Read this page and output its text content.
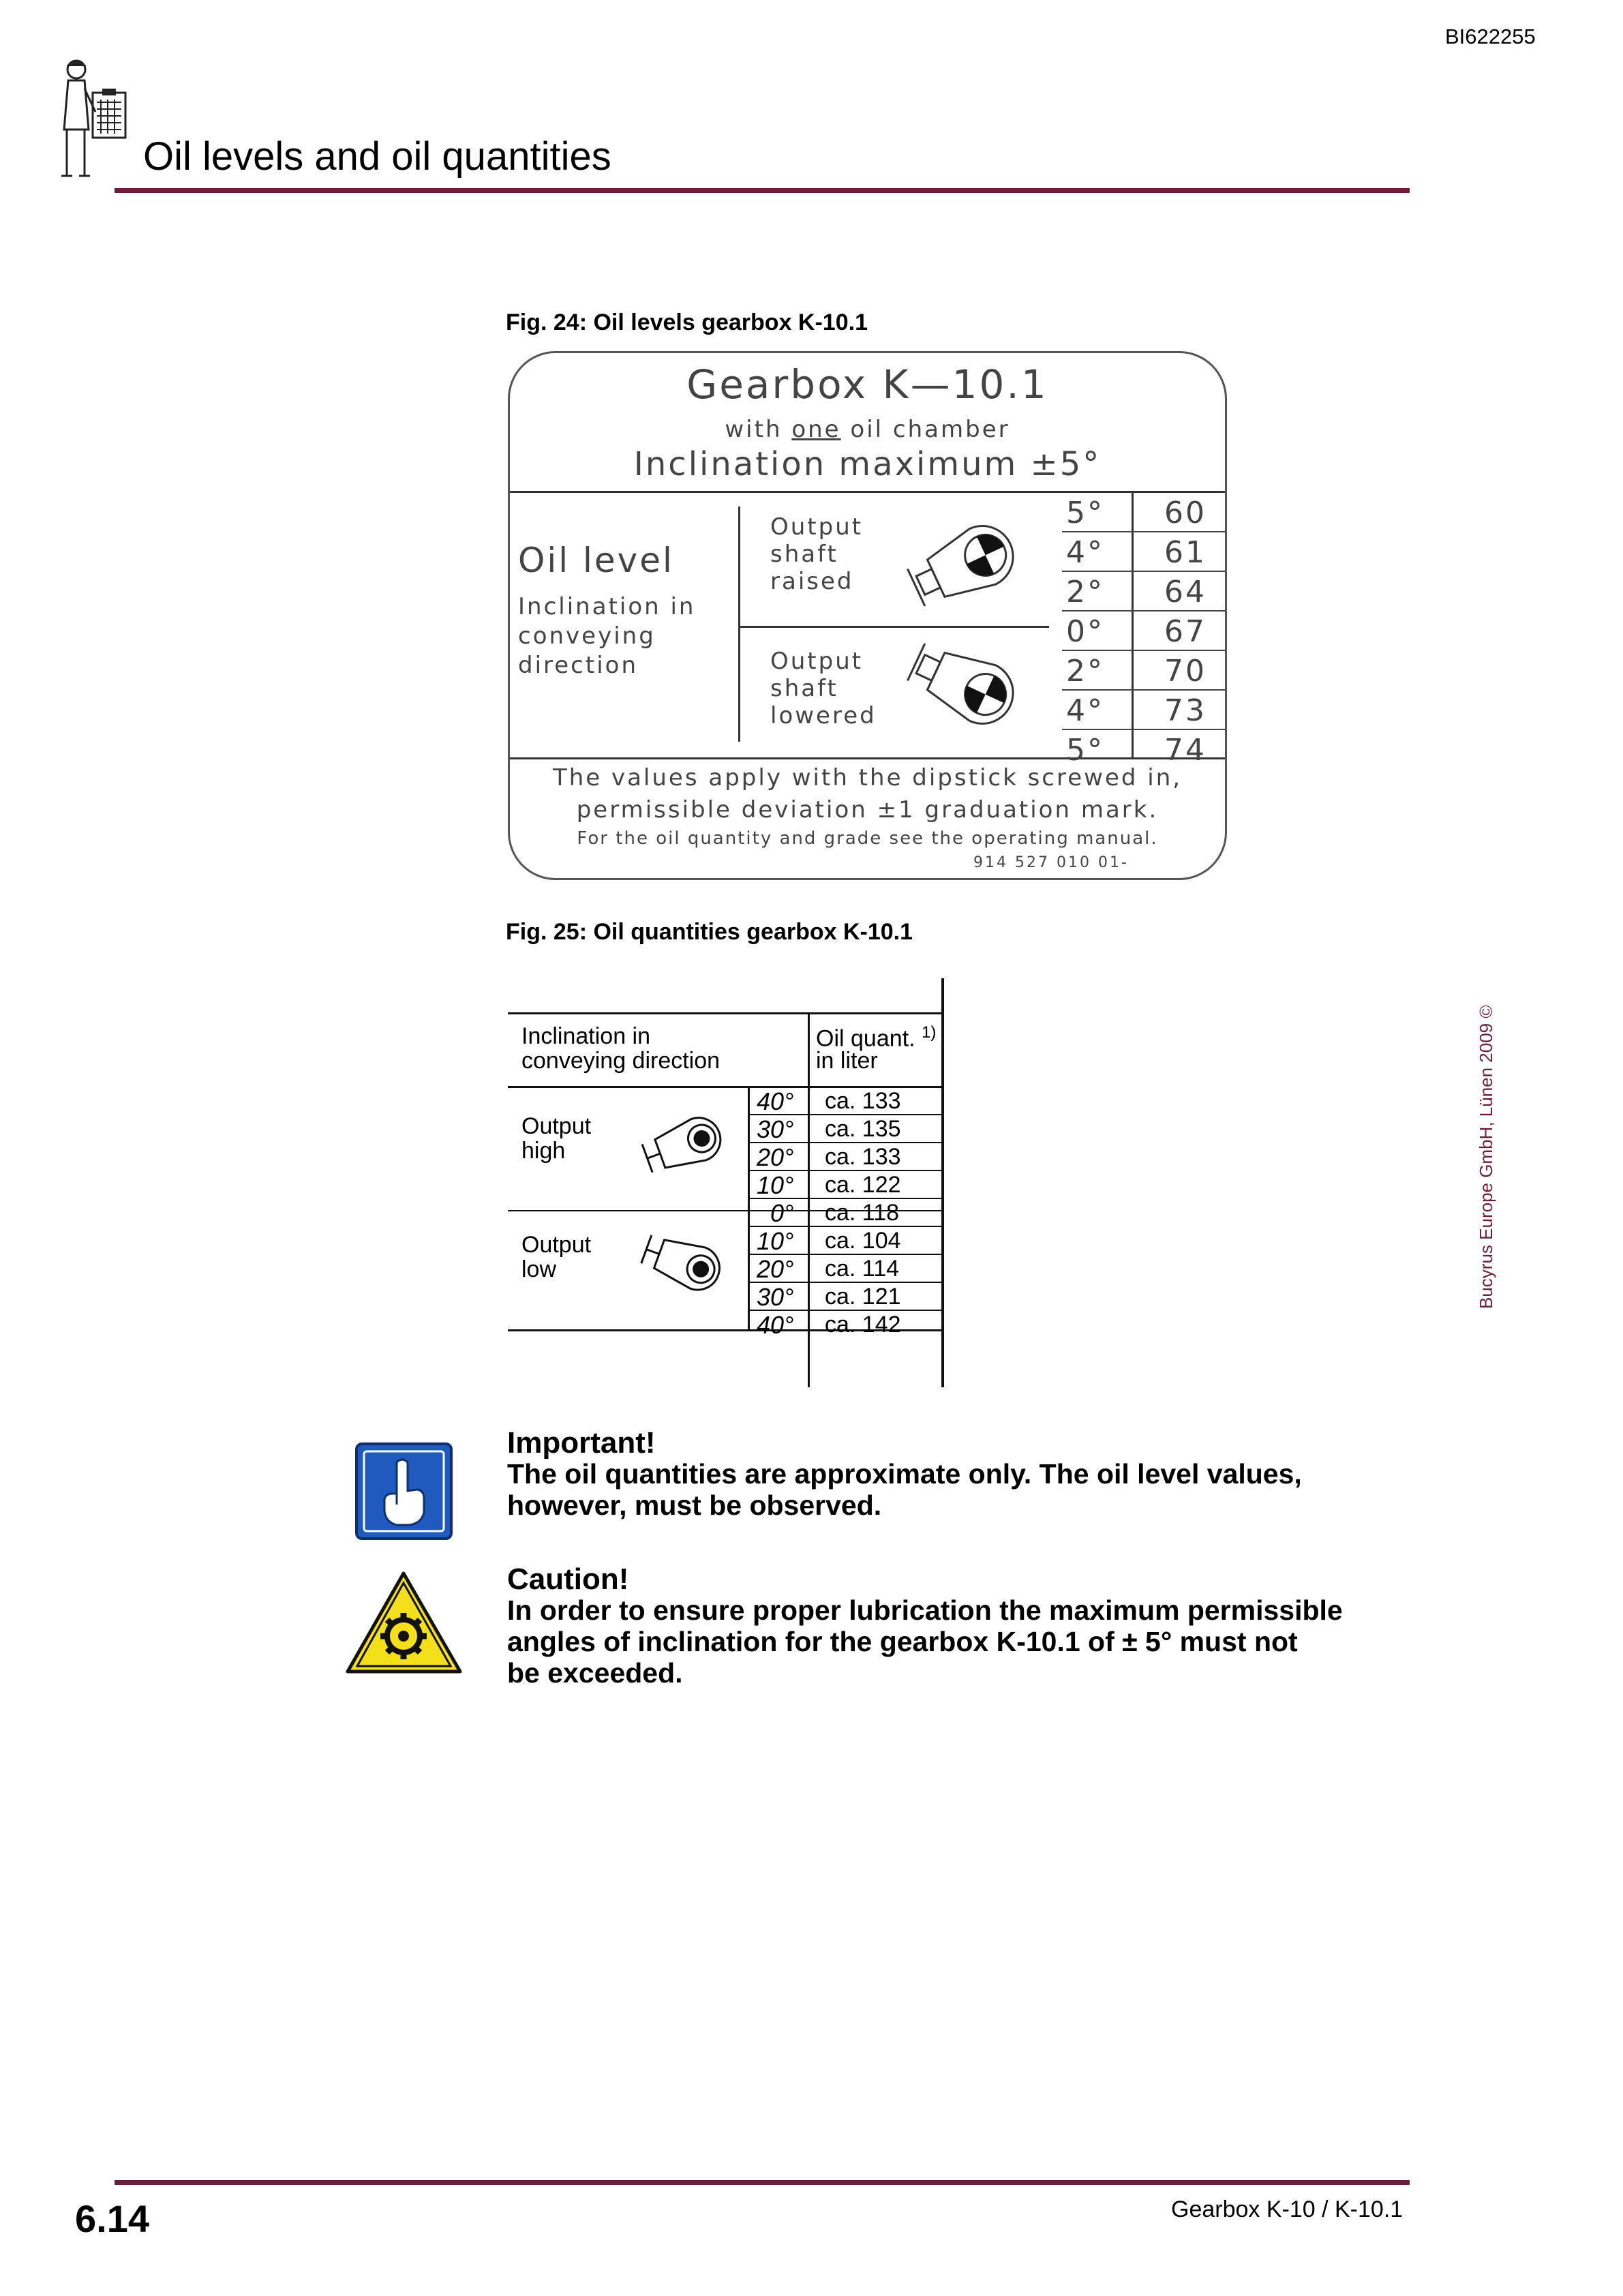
BI622255
Oil levels and oil quantities
Fig. 24: Oil levels gearbox K-10.1
Gearbox K—10.1
with one oil chamber
Inclination maximum ±5°
Oil level
Inclination in
conveying
direction
Output
shaft
raised
Output
shaft
lowered
5° 60
4° 61
2° 64
0° 67
2° 70
4° 73
5° 74
The values apply with the dipstick screwed in,
permissible deviation ±1 graduation mark.
For the oil quantity and grade see the operating manual.
914 527 010 01-
Fig. 25: Oil quantities gearbox K-10.1
Inclination in
conveying direction
Oil quant. $^{1)}$
in liter
Output
high
Output
low
40° ca. 133
30° ca. 135
20° ca. 133
10° ca. 122
0° ca. 118
10° ca. 104
20° ca. 114
30° ca. 121
40° ca. 142
Important!
The oil quantities are approximate only. The oil level values,
however, must be observed.
Caution!
In order to ensure proper lubrication the maximum permissible
angles of inclination for the gearbox K-10.1 of ± 5° must not
be exceeded.
Bucyrus Europe GmbH, Lünen 2009 ©
6.14	Gearbox K-10 / K-10.1
